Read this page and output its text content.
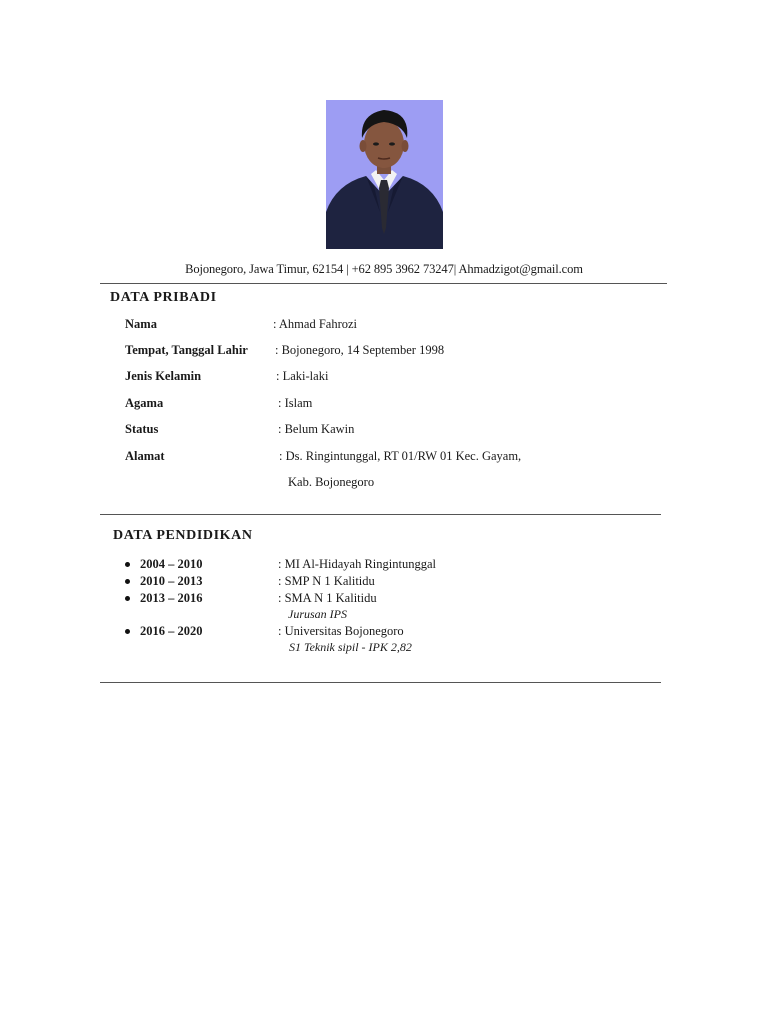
Bojonegoro, Jawa Timur, 62154 | +62 895 3962 73247| Ahmadzigot@gmail.com
DATA PRIBADI
Nama	: Ahmad Fahrozi
Tempat, Tanggal Lahir : Bojonegoro, 14 September 1998
Jenis Kelamin	: Laki-laki
Agama	: Islam
Status	: Belum Kawin
Alamat	: Ds. Ringintunggal, RT 01/RW 01 Kec. Gayam,
Kab. Bojonegoro
DATA PENDIDIKAN
2004 – 2010	: MI Al-Hidayah Ringintunggal
2010 – 2013	: SMP N 1 Kalitidu
2013 – 2016	: SMA N 1 Kalitidu
Jurusan IPS
2016 – 2020	: Universitas Bojonegoro
S1 Teknik sipil - IPK 2,82
